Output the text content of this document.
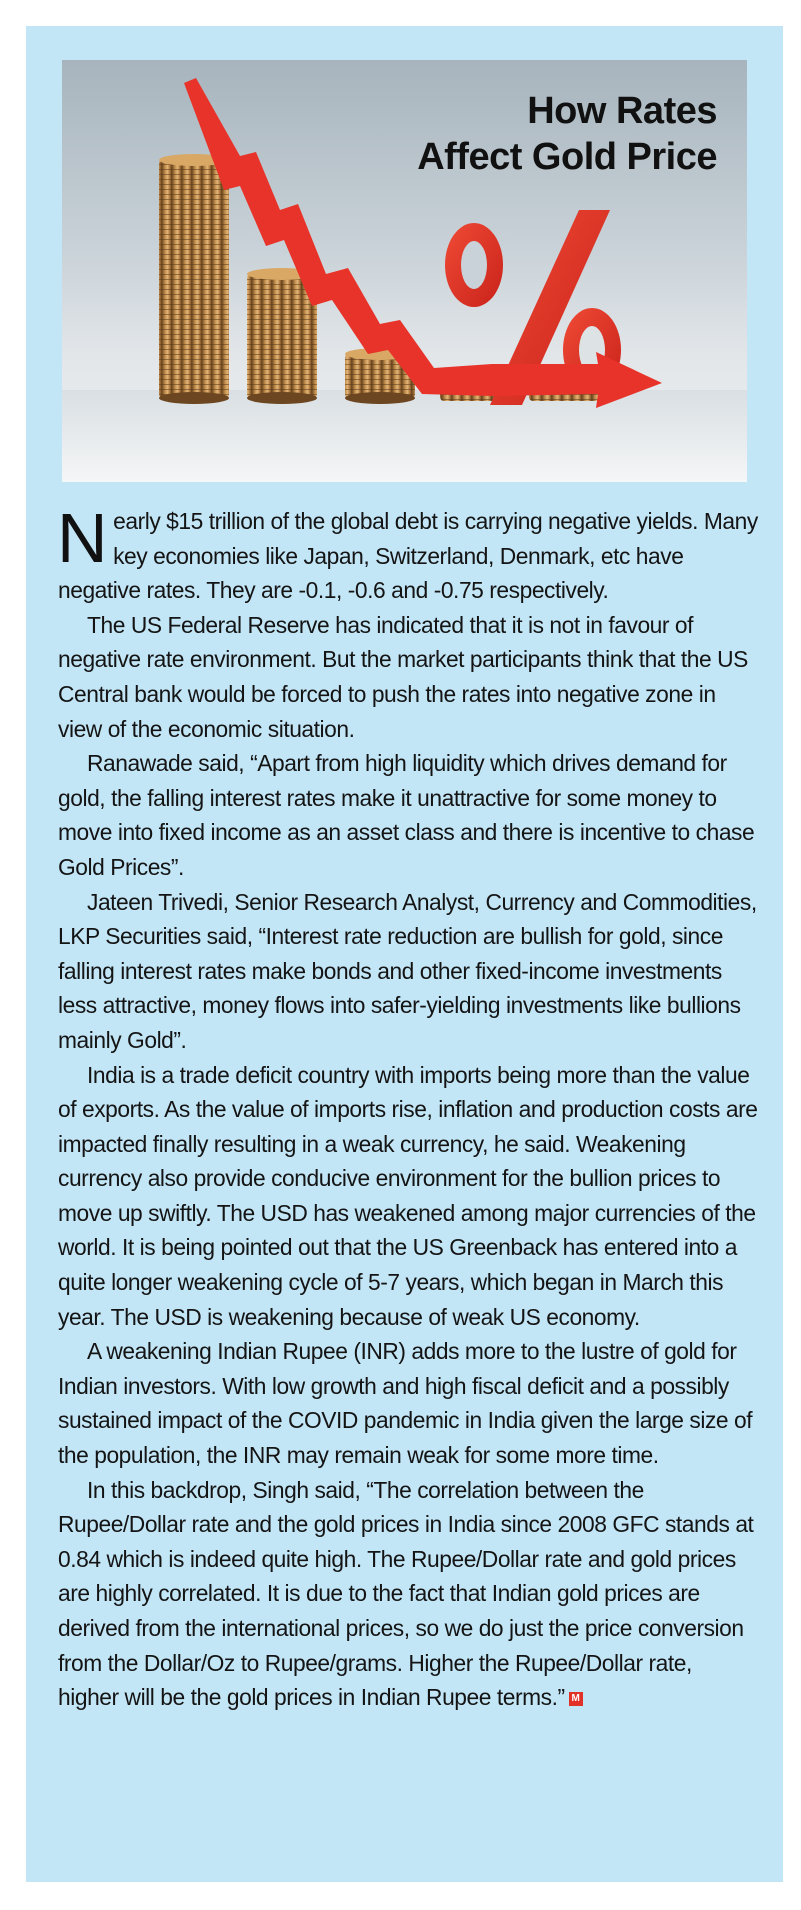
How Rates
Affect Gold Price

Nearly $15 trillion of the global debt is carrying negative yields. Many key economies like Japan, Switzerland, Denmark, etc have negative rates. They are -0.1, -0.6 and -0.75 respectively.

The US Federal Reserve has indicated that it is not in favour of negative rate environment. But the market participants think that the US Central bank would be forced to push the rates into negative zone in view of the economic situation.

Ranawade said, “Apart from high liquidity which drives demand for gold, the falling interest rates make it unattractive for some money to move into fixed income as an asset class and there is incentive to chase Gold Prices”.

Jateen Trivedi, Senior Research Analyst, Currency and Commodities, LKP Securities said, “Interest rate reduction are bullish for gold, since falling interest rates make bonds and other fixed-income investments less attractive, money flows into safer-yielding investments like bullions mainly Gold”.

India is a trade deficit country with imports being more than the value of exports. As the value of imports rise, inflation and production costs are impacted finally resulting in a weak currency, he said. Weakening currency also provide conducive environment for the bullion prices to move up swiftly. The USD has weakened among major currencies of the world. It is being pointed out that the US Greenback has entered into a quite longer weakening cycle of 5-7 years, which began in March this year. The USD is weakening because of weak US economy.

A weakening Indian Rupee (INR) adds more to the lustre of gold for Indian investors. With low growth and high fiscal deficit and a possibly sustained impact of the COVID pandemic in India given the large size of the population, the INR may remain weak for some more time.

In this backdrop, Singh said, “The correlation between the Rupee/Dollar rate and the gold prices in India since 2008 GFC stands at 0.84 which is indeed quite high. The Rupee/Dollar rate and gold prices are highly correlated. It is due to the fact that Indian gold prices are derived from the international prices, so we do just the price conversion from the Dollar/Oz to Rupee/grams. Higher the Rupee/Dollar rate, higher will be the gold prices in Indian Rupee terms.” M
